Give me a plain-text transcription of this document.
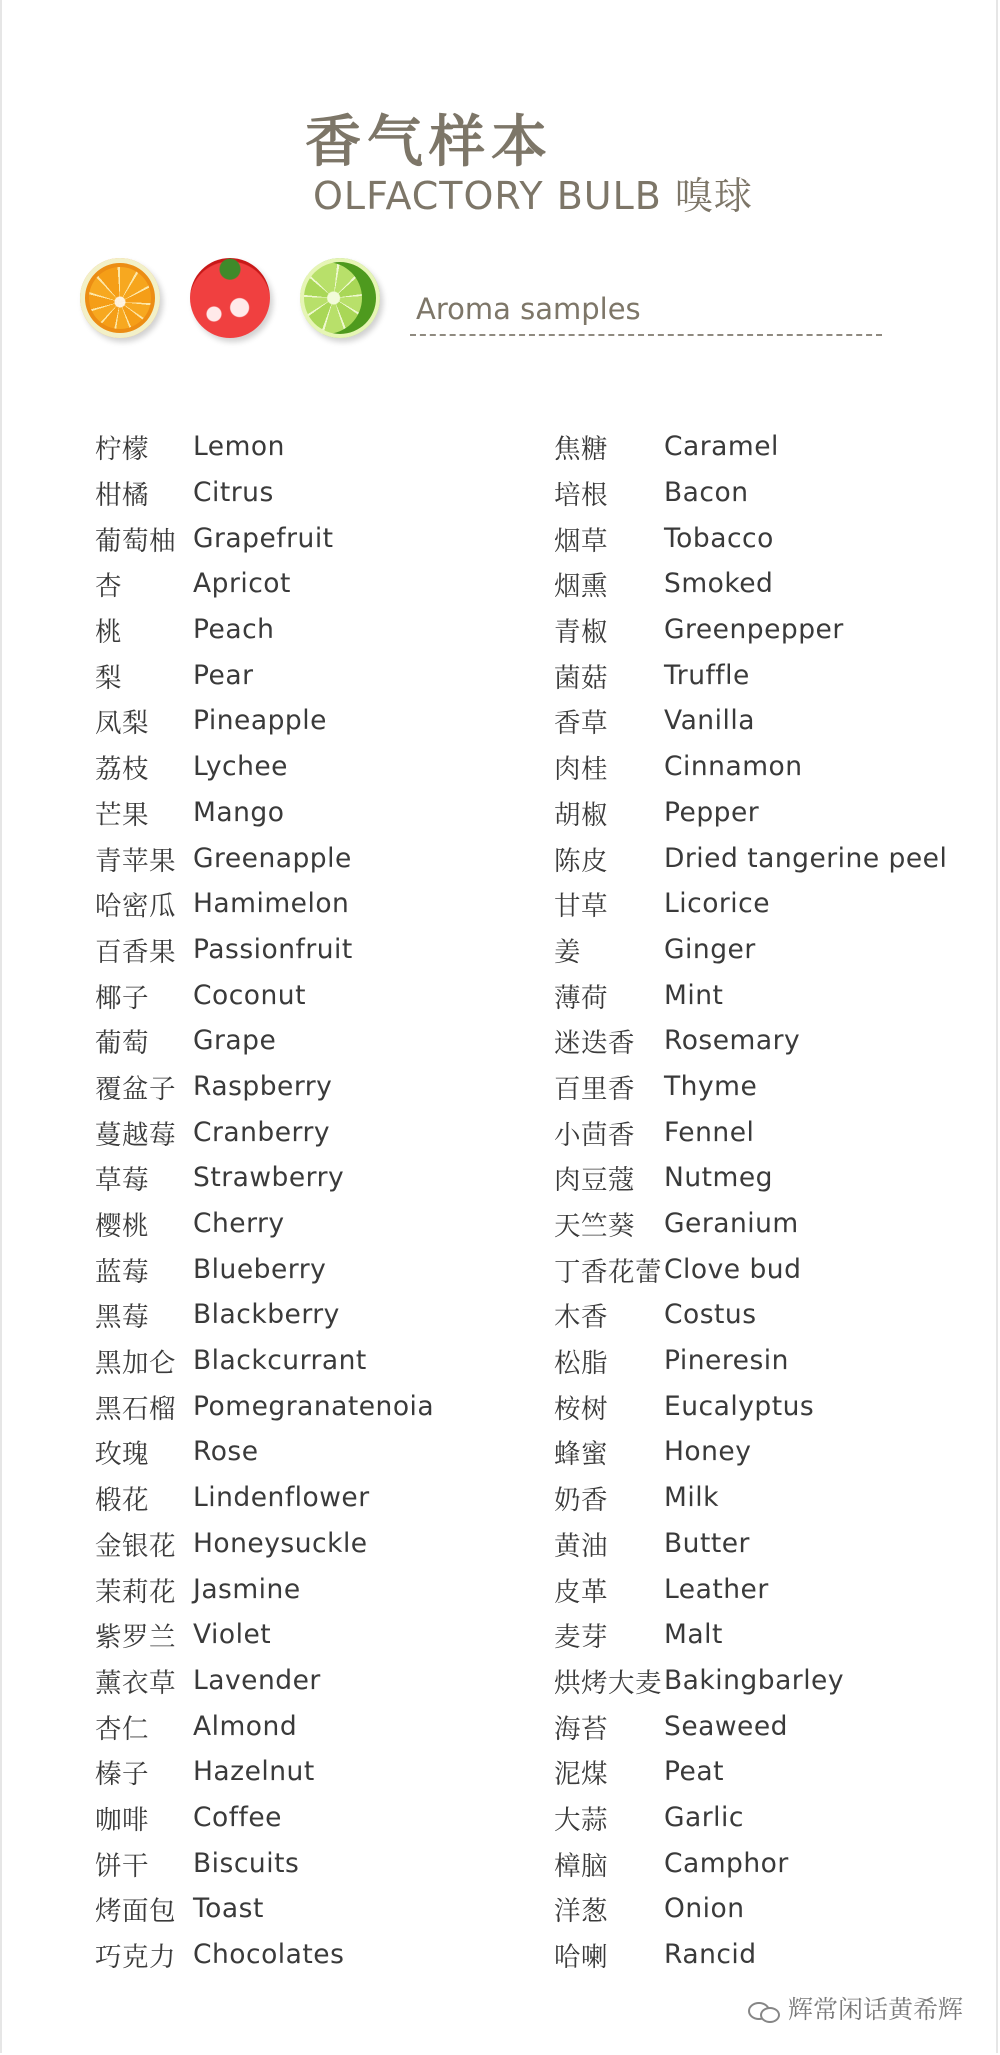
香气样本
OLFACTORY BULB 嗅球
Aroma samples
柠檬	Lemon
柑橘	Citrus
葡萄柚 Grapefruit
杏	Apricot
桃	Peach
梨	Pear
凤梨	Pineapple
荔枝	Lychee
芒果	Mango
青苹果 Greenapple
哈密瓜 Hamimelon
百香果 Passionfruit
椰子	Coconut
葡萄	Grape
覆盆子 Raspberry
蔓越莓 Cranberry
草莓	Strawberry
樱桃	Cherry
蓝莓	Blueberry
黑莓	Blackberry
黑加仑 Blackcurrant
黑石榴 Pomegranatenoia
玫瑰	Rose
椴花	Lindenflower
金银花 Honeysuckle
茉莉花 Jasmine
紫罗兰 Violet
薰衣草 Lavender
杏仁	Almond
榛子	Hazelnut
咖啡	Coffee
饼干	Biscuits
烤面包 Toast
巧克力 Chocolates
焦糖	Caramel
培根	Bacon
烟草	Tobacco
烟熏	Smoked
青椒	Greenpepper
菌菇	Truffle
香草	Vanilla
肉桂	Cinnamon
胡椒	Pepper
陈皮	Dried tangerine peel
甘草	Licorice
姜	Ginger
薄荷	Mint
迷迭香	Rosemary
百里香	Thyme
小茴香	Fennel
肉豆蔻	Nutmeg
天竺葵	Geranium
丁香花蕾 Clove bud
木香	Costus
松脂	Pineresin
桉树	Eucalyptus
蜂蜜	Honey
奶香	Milk
黄油	Butter
皮革	Leather
麦芽	Malt
烘烤大麦 Bakingbarley
海苔	Seaweed
泥煤	Peat
大蒜	Garlic
樟脑	Camphor
洋葱	Onion
哈喇	Rancid
辉常闲话黄希辉
